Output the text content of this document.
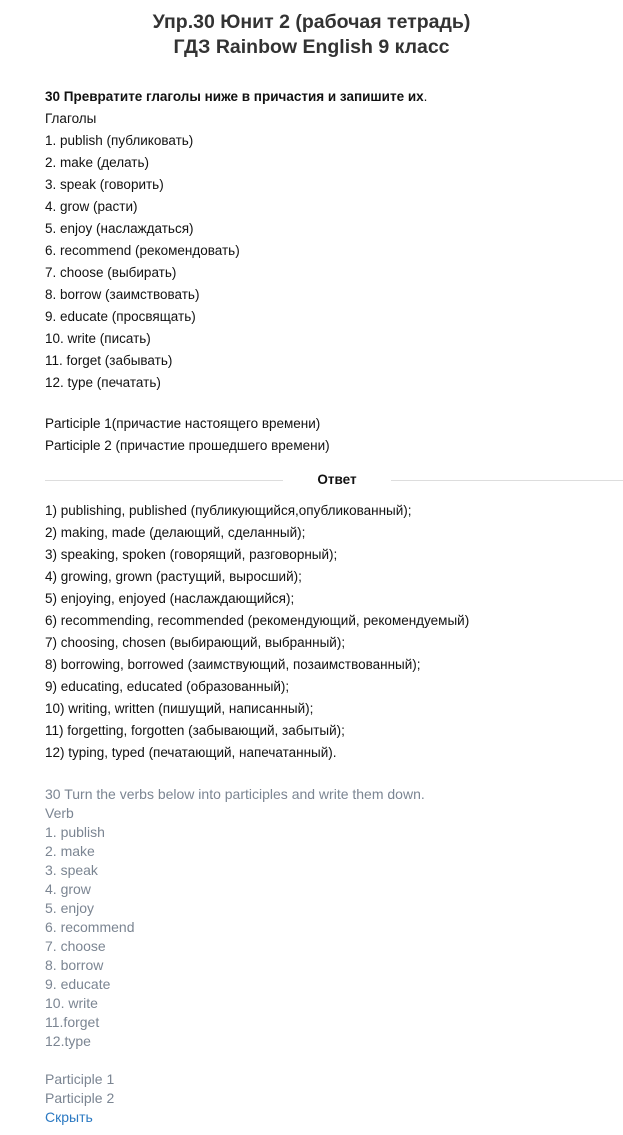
Упр.30 Юнит 2 (рабочая тетрадь)
ГДЗ Rainbow English 9 класс

30 Превратите глаголы ниже в причастия и запишите их.

Глаголы

1. publish (публиковать)
2. make (делать)
3. speak (говорить)
4. grow (расти)
5. enjoy (наслаждаться)
6. recommend (рекомендовать)
7. choose (выбирать)
8. borrow (заимствовать)
9. educate (просвящать)
10. write (писать)
11. forget (забывать)
12. type (печатать)

Participle 1(причастие настоящего времени)

Participle 2 (причастие прошедшего времени)

Ответ
1) publishing, published (публикующийся,опубликованный);
2) making, made (делающий, сделанный);
3) speaking, spoken (говорящий, разговорный);
4) growing, grown (растущий, выросший);
5) enjoying, enjoyed (наслаждающийся);
6) recommending, recommended (рекомендующий, рекомендуемый)
7) choosing, chosen (выбирающий, выбранный);
8) borrowing, borrowed (заимствующий, позаимствованный);
9) educating, educated (образованный);
10) writing, written (пишущий, написанный);
11) forgetting, forgotten (забывающий, забытый);
12) typing, typed (печатающий, напечатанный).

30 Turn the verbs below into participles and write them down.

Verb

1. publish
2. make
3. speak
4. grow
5. enjoy
6. recommend
7. choose
8. borrow
9. educate
10. write
11.forget
12.type

Participle 1

Participle 2

Скрыть
